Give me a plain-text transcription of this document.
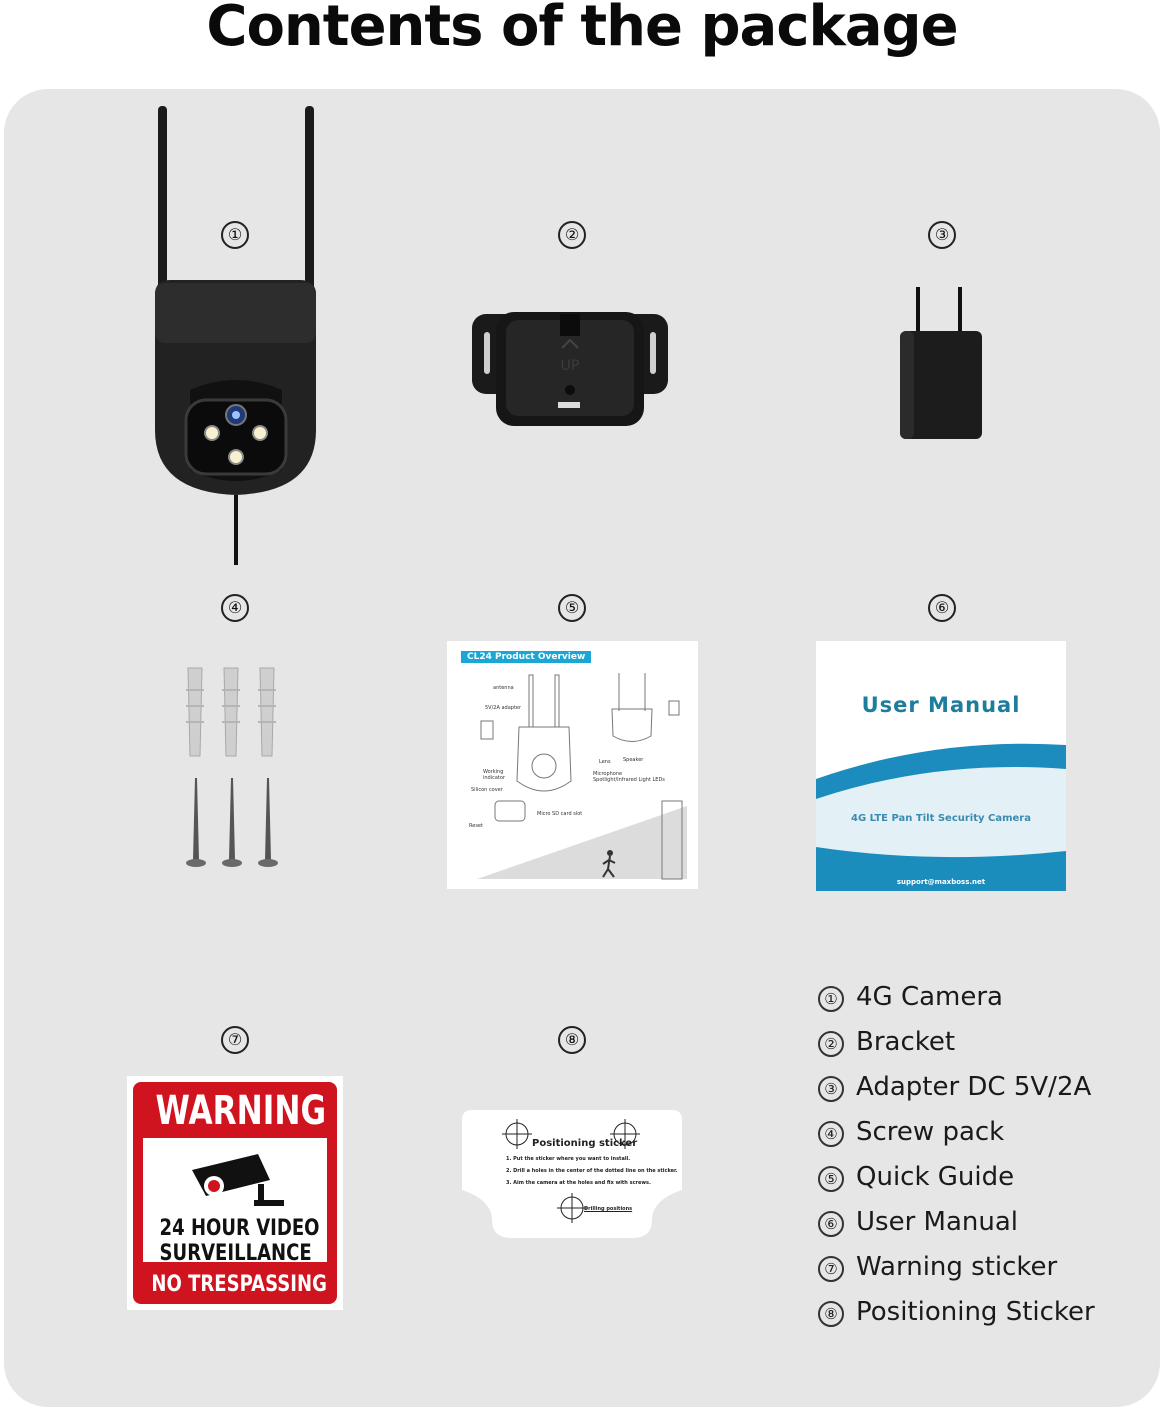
Contents of the package
①	②	③
④	⑤	⑥
⑦	⑧
UP
CL24 Product Overview
antenna
5V/2A adapter
Lens Speaker
Working indicator
Microphone
Spotlight/Infrared Light LEDs
Silicon cover
Micro SD card slot
Reset
User Manual
4G LTE Pan Tilt Security Camera
support@maxboss.net
WARNING
24 HOUR VIDEO
SURVEILLANCE
NO TRESPASSING
Positioning sticker
1. Put the sticker where you want to install.
2. Drill a holes in the center of the dotted line on the sticker.
3. Aim the camera at the holes and fix with screws.
Drilling positions
① 4G Camera
② Bracket
③ Adapter DC 5V/2A
④ Screw pack
⑤ Quick Guide
⑥ User Manual
⑦ Warning sticker
⑧ Positioning Sticker
